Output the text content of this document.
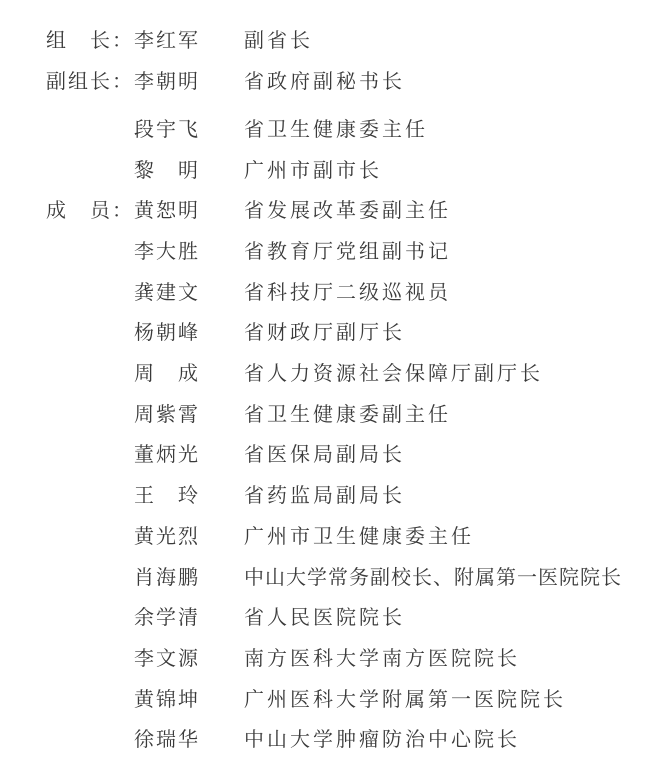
组　长： 李红军 副省长
副组长： 李朝明 省政府副秘书长
段宇飞 省卫生健康委主任
黎　明 广州市副市长
成　员： 黄恕明 省发展改革委副主任
李大胜 省教育厅党组副书记
龚建文 省科技厅二级巡视员
杨朝峰 省财政厅副厅长
周　成 省人力资源社会保障厅副厅长
周紫霄 省卫生健康委副主任
董炳光 省医保局副局长
王　玲 省药监局副局长
黄光烈 广州市卫生健康委主任
肖海鹏 中山大学常务副校长、附属第一医院院长
余学清 省人民医院院长
李文源 南方医科大学南方医院院长
黄锦坤 广州医科大学附属第一医院院长
徐瑞华 中山大学肿瘤防治中心院长
